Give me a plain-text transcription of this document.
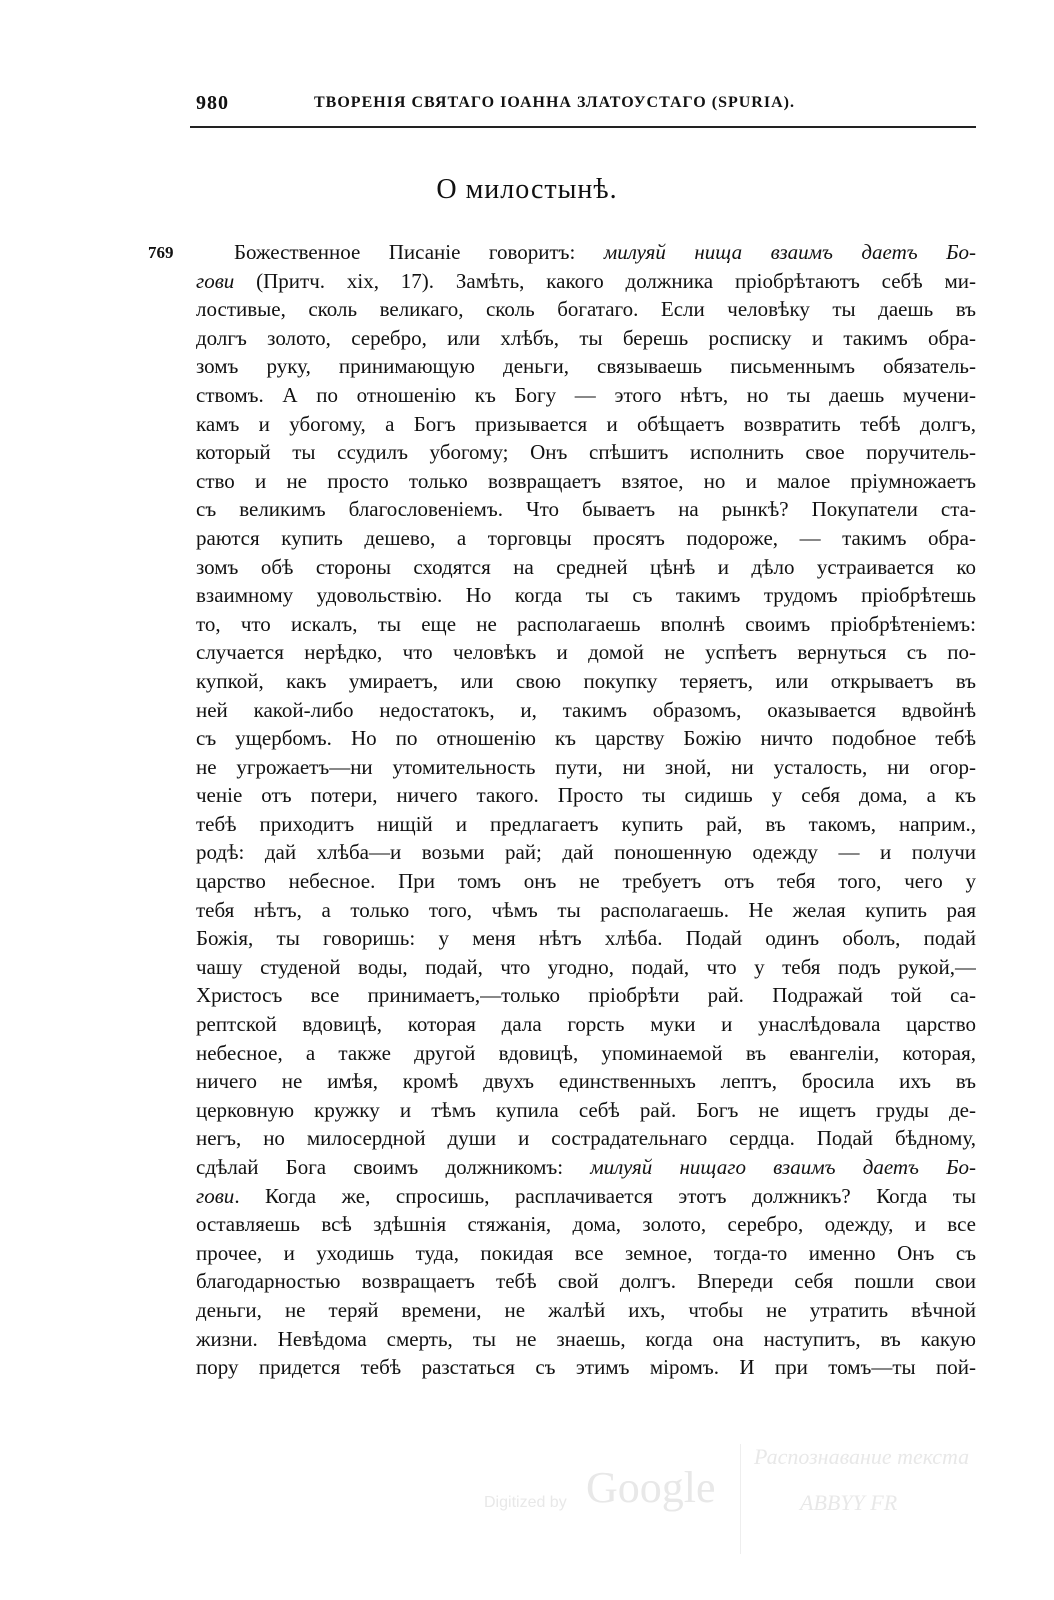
980	ТВОРЕНІЯ СВЯТАГО ІОАННА ЗЛАТОУСТАГО (SPURIA).
О милостынѣ.
769	Божественное Писаніе говоритъ: милуяй нища взаимъ даетъ Бо-
гови (Притч. xix, 17). Замѣть, какого должника пріобрѣтаютъ себѣ ми-
лостивые, сколь великаго, сколь богатаго. Если человѣку ты даешь въ
долгъ золото, серебро, или хлѣбъ, ты берешь росписку и такимъ обра-
зомъ руку, принимающую деньги, связываешь письменнымъ обязатель-
ствомъ. А по отношенію къ Богу — этого нѣтъ, но ты даешь мучени-
камъ и убогому, а Богъ призывается и обѣщаетъ возвратить тебѣ долгъ,
который ты ссудилъ убогому; Онъ спѣшитъ исполнить свое поручитель-
ство и не просто только возвращаетъ взятое, но и малое пріумножаетъ
съ великимъ благословеніемъ. Что бываетъ на рынкѣ? Покупатели ста-
раются купить дешево, а торговцы просятъ подороже, — такимъ обра-
зомъ обѣ стороны сходятся на средней цѣнѣ и дѣло устраивается ко
взаимному удовольствію. Но когда ты съ такимъ трудомъ пріобрѣтешь
то, что искалъ, ты еще не располагаешь вполнѣ своимъ пріобрѣтеніемъ:
случается нерѣдко, что человѣкъ и домой не успѣетъ вернуться съ по-
купкой, какъ умираетъ, или свою покупку теряетъ, или открываетъ въ
ней какой-либо недостатокъ, и, такимъ образомъ, оказывается вдвойнѣ
съ ущербомъ. Но по отношенію къ царству Божію ничто подобное тебѣ
не угрожаетъ—ни утомительность пути, ни зной, ни усталость, ни огор-
ченіе отъ потери, ничего такого. Просто ты сидишь у себя дома, а къ
тебѣ приходитъ нищій и предлагаетъ купить рай, въ такомъ, наприм.,
родѣ: дай хлѣба—и возьми рай; дай поношенную одежду — и получи
царство небесное. При томъ онъ не требуетъ отъ тебя того, чего у
тебя нѣтъ, а только того, чѣмъ ты располагаешь. Не желая купить рая
Божія, ты говоришь: у меня нѣтъ хлѣба. Подай одинъ оболъ, подай
чашу студеной воды, подай, что угодно, подай, что у тебя подъ рукой,—
Христосъ все принимаетъ,—только пріобрѣти рай. Подражай той са-
рептской вдовицѣ, которая дала горсть муки и унаслѣдовала царство
небесное, а также другой вдовицѣ, упоминаемой въ евангеліи, которая,
ничего не имѣя, кромѣ двухъ единственныхъ лептъ, бросила ихъ въ
церковную кружку и тѣмъ купила себѣ рай. Богъ не ищетъ груды де-
негъ, но милосердной души и сострадательнаго сердца. Подай бѣдному,
сдѣлай Бога своимъ должникомъ: милуяй нищаго взаимъ даетъ Бо-
гови. Когда же, спросишь, расплачивается этотъ должникъ? Когда ты
оставляешь всѣ здѣшнія стяжанія, дома, золото, серебро, одежду, и все
прочее, и уходишь туда, покидая все земное, тогда-то именно Онъ съ
благодарностью возвращаетъ тебѣ свой долгъ. Впереди себя пошли свои
деньги, не теряй времени, не жалѣй ихъ, чтобы не утратить вѣчной
жизни. Невѣдома смерть, ты не знаешь, когда она наступитъ, въ какую
пору придется тебѣ разстаться съ этимъ міромъ. И при томъ—ты пой-
Digitized by Google
Распознавание текста
ABBYY FR
